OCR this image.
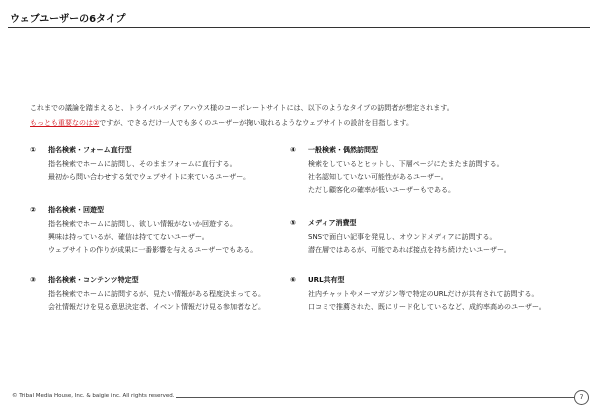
ウェブユーザーの6タイプ
これまでの議論を踏まえると、トライバルメディアハウス様のコーポレートサイトには、以下のようなタイプの訪問者が想定されます。
もっとも重要なのは②ですが、できるだけ一人でも多くのユーザーが掬い取れるようなウェブサイトの設計を目指します。
① 指名検索・フォーム直行型
指名検索でホームに訪問し、そのままフォームに直行する。
最初から問い合わせする気でウェブサイトに来ているユーザー。
② 指名検索・回遊型
指名検索でホームに訪問し、欲しい情報がないか回遊する。
興味は持っているが、確信は持ててないユーザー。
ウェブサイトの作りが成果に一番影響を与えるユーザーでもある。
③ 指名検索・コンテンツ特定型
指名検索でホームに訪問するが、見たい情報がある程度決まってる。
会社情報だけを見る意思決定者、イベント情報だけ見る参加者など。
④ 一般検索・偶然訪問型
検索をしているとヒットし、下層ページにたまたま訪問する。
社名認知していない可能性があるユーザー。
ただし顧客化の確率が低いユーザーもである。
⑤ メディア消費型
SNSで面白い記事を発見し、オウンドメディアに訪問する。
潜在層ではあるが、可能であれば接点を持ち続けたいユーザー。
⑥ URL共有型
社内チャットやメーマガジン等で特定のURLだけが共有されて訪問する。
口コミで推薦された、既にリード化しているなど、成約率高めのユーザー。
© Tribal Media House, Inc. & baigie inc. All rights reserved.	7
